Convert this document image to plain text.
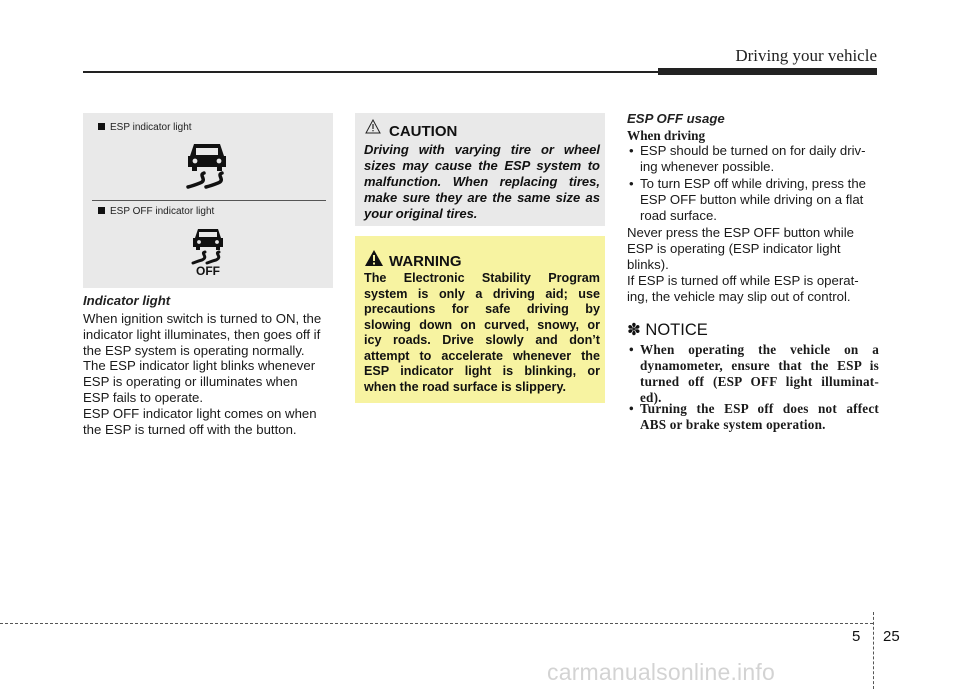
Driving your vehicle
ESP indicator light
ESP OFF indicator light
OFF
Indicator light
When ignition switch is turned to ON, the
indicator light illuminates, then goes off if
the ESP system is operating normally.
The ESP indicator light blinks whenever
ESP is operating or illuminates when
ESP fails to operate.
ESP OFF indicator light comes on when
the ESP is turned off with the button.
CAUTION
Driving with varying tire or wheel
sizes may cause the ESP system to
malfunction. When replacing tires,
make sure they are the same size as
your original tires.
WARNING
The Electronic Stability Program
system is only a driving aid; use
precautions for safe driving by
slowing down on curved, snowy, or
icy roads. Drive slowly and don’t
attempt to accelerate whenever the
ESP indicator light is blinking, or
when the road surface is slippery.
ESP OFF usage
When driving
• ESP should be turned on for daily driv-
ing whenever possible.
• To turn ESP off while driving, press the
ESP OFF button while driving on a flat
road surface.
Never press the ESP OFF button while
ESP is operating (ESP indicator light
blinks).
If ESP is turned off while ESP is operat-
ing, the vehicle may slip out of control.
✽ NOTICE
• When operating the vehicle on a
dynamometer, ensure that the ESP is
turned off (ESP OFF light illuminat-
ed).
• Turning the ESP off does not affect
ABS or brake system operation.
5 25
carmanualsonline.info
